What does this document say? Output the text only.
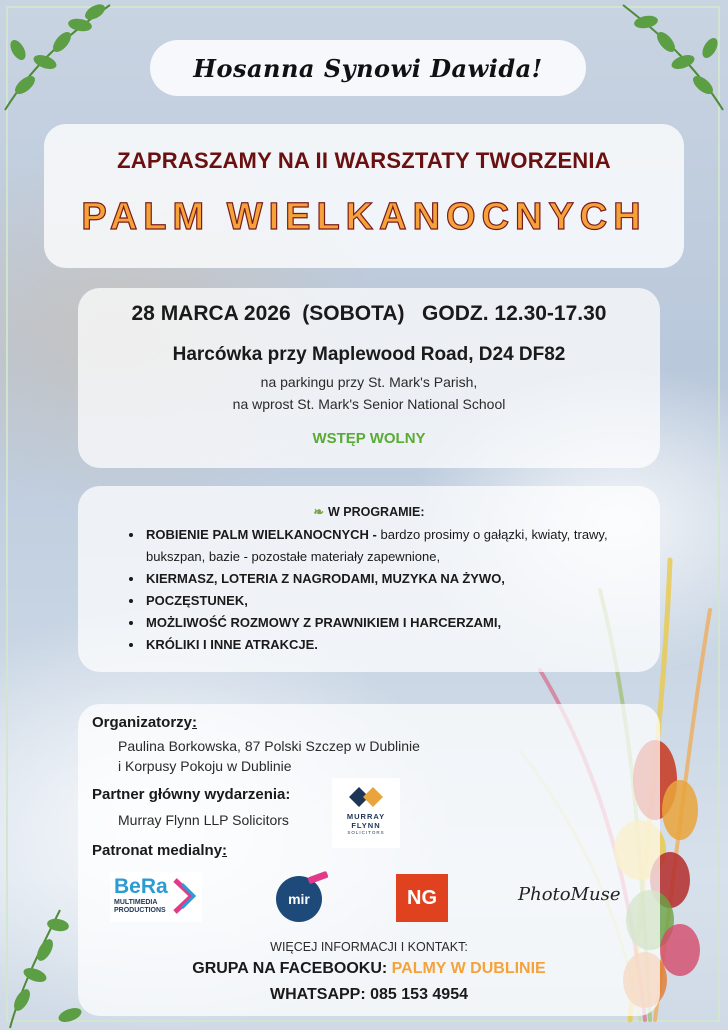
Hosanna Synowi Dawida!
ZAPRASZAMY NA II WARSZTATY TWORZENIA
PALM WIELKANOCNYCH
28 MARCA 2026  (SOBOTA)   GODZ. 12.30-17.30
Harcówka przy Maplewood Road, D24 DF82
na parkingu przy St. Mark's Parish,
na wprost St. Mark's Senior National School
WSTĘP WOLNY
❧ W PROGRAMIE:
• ROBIENIE PALM WIELKANOCNYCH - bardzo prosimy o gałązki, kwiaty, trawy, bukszpan, bazie - pozostałe materiały zapewnione,
• KIERMASZ, LOTERIA Z NAGRODAMI, MUZYKA NA ŻYWO,
• POCZĘSTUNEK,
• MOŻLIWOŚĆ ROZMOWY Z PRAWNIKIEM I HARCERZAMI,
• KRÓLIKI I INNE ATRAKCJE.
Organizatorzy:
Paulina Borkowska, 87 Polski Szczep w Dublinie
i Korpusy Pokoju w Dublinie
Partner główny wydarzenia:
Murray Flynn LLP Solicitors	MURRAY
FLYNN
SOLICITORS
Patronat medialny:
BeRa
MULTIMEDIA
PRODUCTIONS
mir	NG	PhotoMuse
WIĘCEJ INFORMACJI I KONTAKT:
GRUPA NA FACEBOOKU: PALMY W DUBLINIE
WHATSAPP: 085 153 4954
